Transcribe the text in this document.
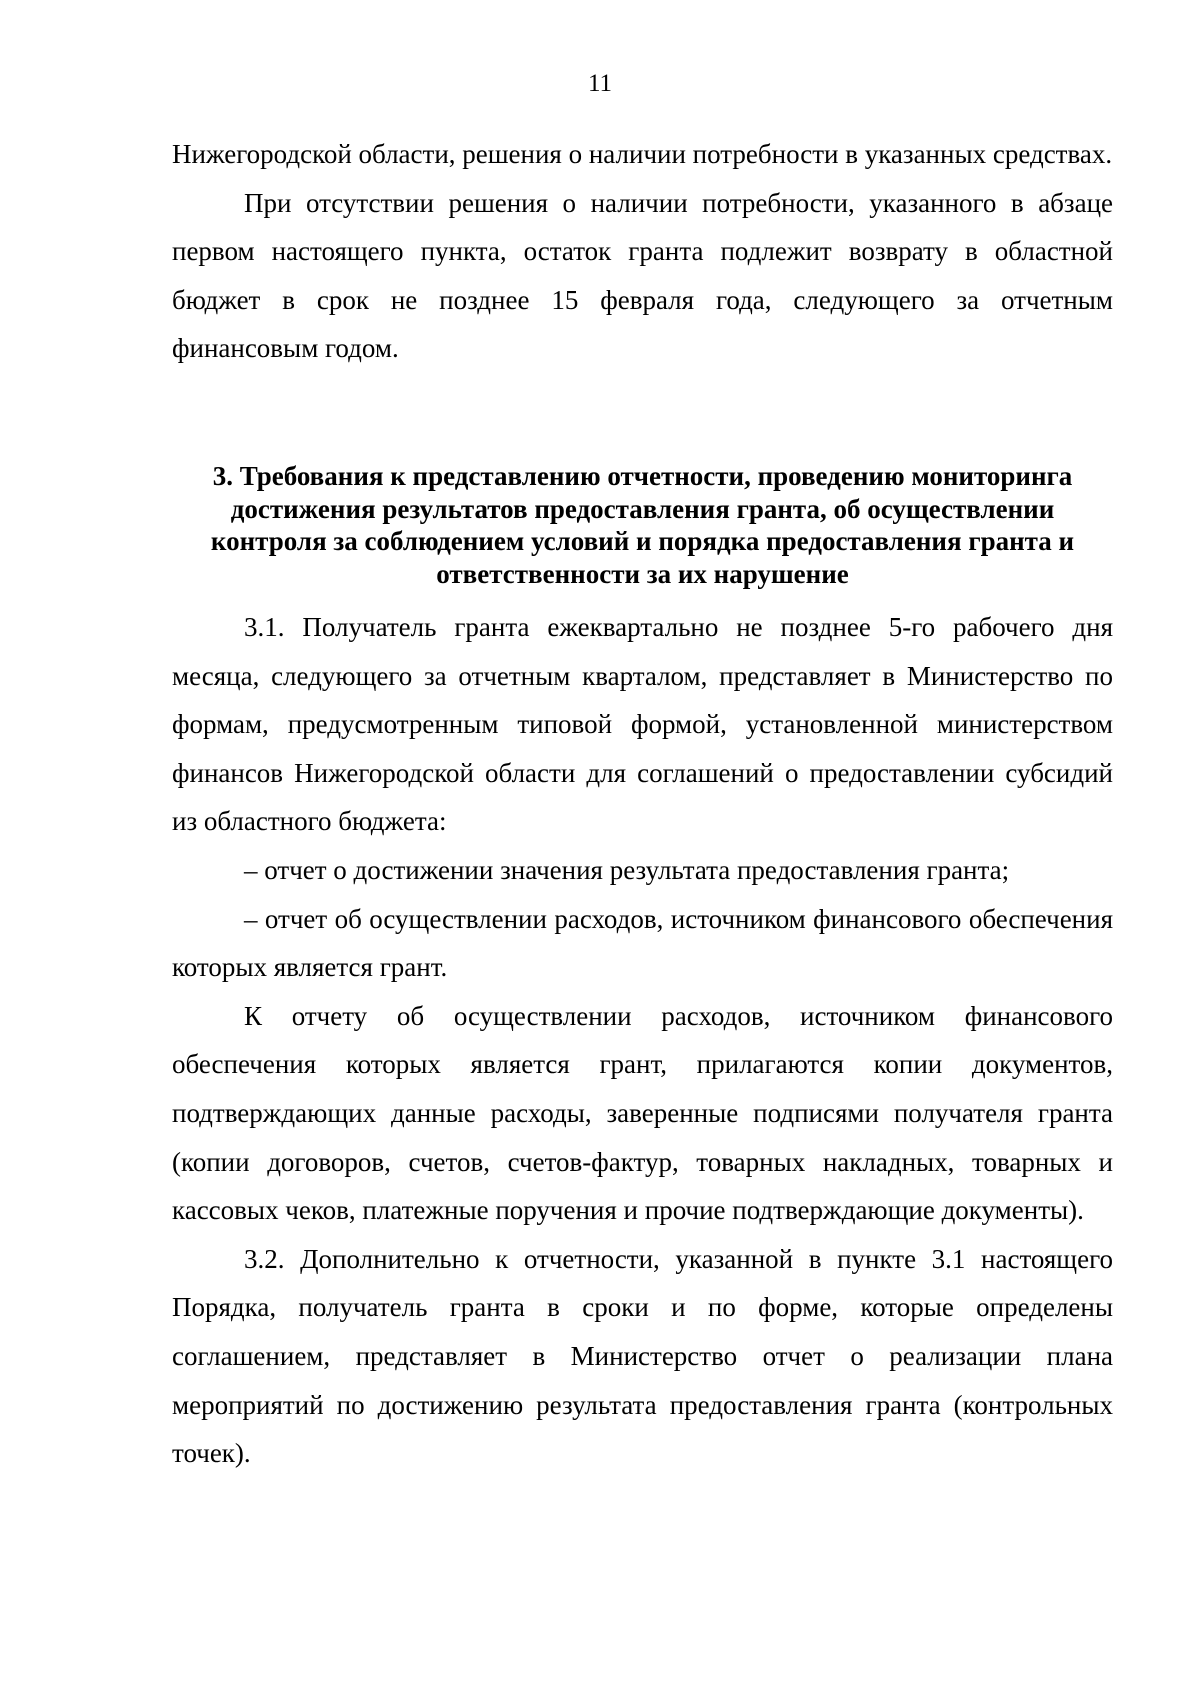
11

Нижегородской области, решения о наличии потребности в указанных средствах.

При отсутствии решения о наличии потребности, указанного в абзаце первом настоящего пункта, остаток гранта подлежит возврату в областной бюджет в срок не позднее 15 февраля года, следующего за отчетным финансовым годом.

3. Требования к представлению отчетности, проведению мониторинга достижения результатов предоставления гранта, об осуществлении контроля за соблюдением условий и порядка предоставления гранта и ответственности за их нарушение

3.1. Получатель гранта ежеквартально не позднее 5-го рабочего дня месяца, следующего за отчетным кварталом, представляет в Министерство по формам, предусмотренным типовой формой, установленной министерством финансов Нижегородской области для соглашений о предоставлении субсидий из областного бюджета:

– отчет о достижении значения результата предоставления гранта;

– отчет об осуществлении расходов, источником финансового обеспечения которых является грант.

К отчету об осуществлении расходов, источником финансового обеспечения которых является грант, прилагаются копии документов, подтверждающих данные расходы, заверенные подписями получателя гранта (копии договоров, счетов, счетов-фактур, товарных накладных, товарных и кассовых чеков, платежные поручения и прочие подтверждающие документы).

3.2. Дополнительно к отчетности, указанной в пункте 3.1 настоящего Порядка, получатель гранта в сроки и по форме, которые определены соглашением, представляет в Министерство отчет о реализации плана мероприятий по достижению результата предоставления гранта (контрольных точек).
